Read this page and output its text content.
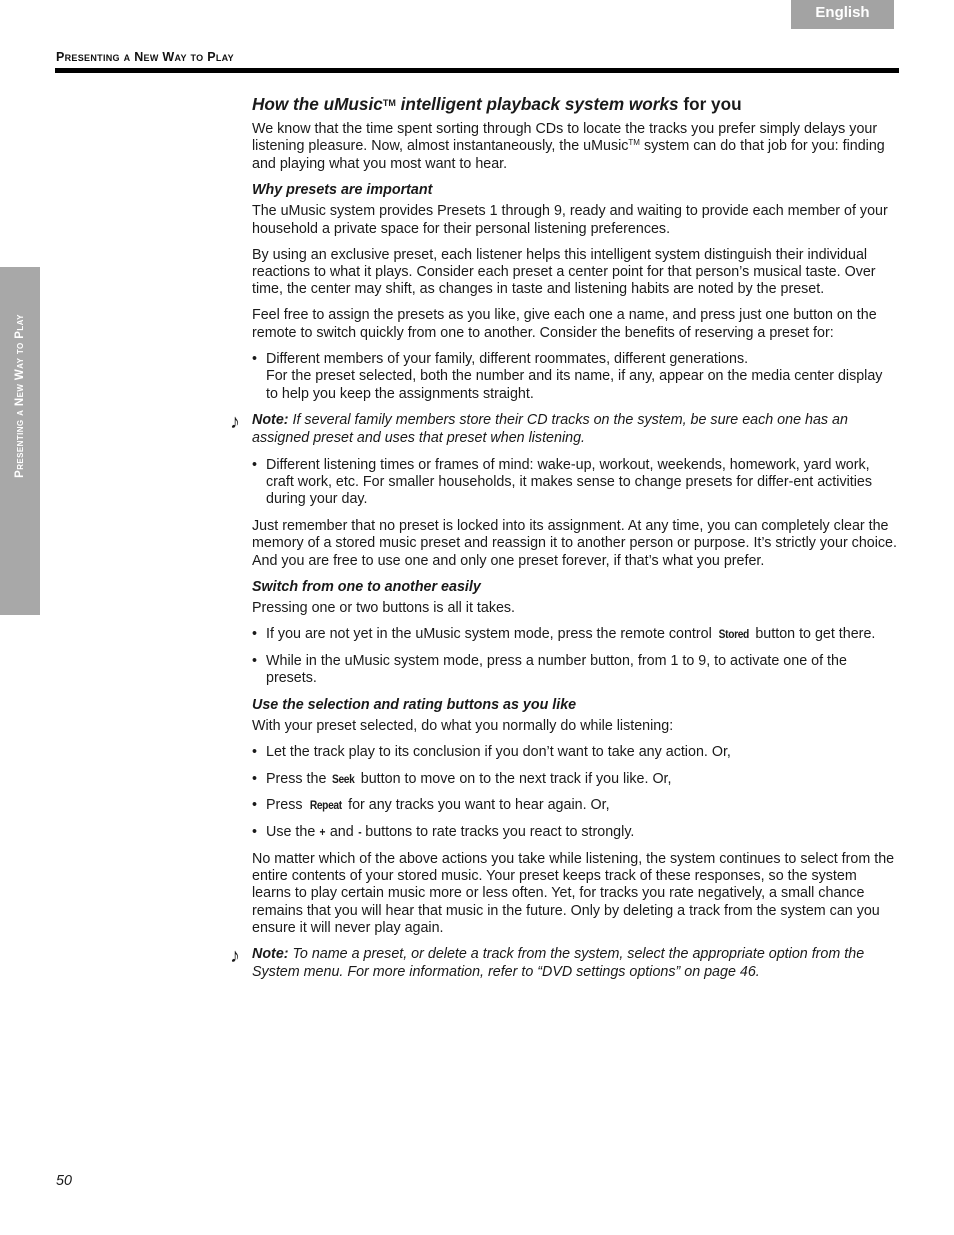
English
Presenting a New Way to Play
Presenting a New Way to Play
How the uMusic™ intelligent playback system works for you

We know that the time spent sorting through CDs to locate the tracks you prefer simply delays your listening pleasure. Now, almost instantaneously, the uMusic™ system can do that job for you: finding and playing what you most want to hear.

Why presets are important

The uMusic system provides Presets 1 through 9, ready and waiting to provide each member of your household a private space for their personal listening preferences.

By using an exclusive preset, each listener helps this intelligent system distinguish their individual reactions to what it plays. Consider each preset a center point for that person’s musical taste. Over time, the center may shift, as changes in taste and listening habits are noted by the preset.

Feel free to assign the presets as you like, give each one a name, and press just one button on the remote to switch quickly from one to another. Consider the benefits of reserving a preset for:

• Different members of your family, different roommates, different generations.
For the preset selected, both the number and its name, if any, appear on the media center display to help you keep the assignments straight.
♪ Note: If several family members store their CD tracks on the system, be sure each one has an assigned preset and uses that preset when listening.
• Different listening times or frames of mind: wake-up, workout, weekends, homework, yard work, craft work, etc. For smaller households, it makes sense to change presets for differ-ent activities during your day.

Just remember that no preset is locked into its assignment. At any time, you can completely clear the memory of a stored music preset and reassign it to another person or purpose. It’s strictly your choice. And you are free to use one and only one preset forever, if that’s what you prefer.

Switch from one to another easily

Pressing one or two buttons is all it takes.

• If you are not yet in the uMusic system mode, press the remote control Stored button to get there.
• While in the uMusic system mode, press a number button, from 1 to 9, to activate one of the presets.
Use the selection and rating buttons as you like

With your preset selected, do what you normally do while listening:

• Let the track play to its conclusion if you don’t want to take any action. Or,
• Press the Seek button to move on to the next track if you like. Or,
• Press Repeat for any tracks you want to hear again. Or,
• Use the + and - buttons to rate tracks you react to strongly.

No matter which of the above actions you take while listening, the system continues to select from the entire contents of your stored music. Your preset keeps track of these responses, so the system learns to play certain music more or less often. Yet, for tracks you rate negatively, a small chance remains that you will hear that music in the future. Only by deleting a track from the system can you ensure it will never play again.

♪ Note: To name a preset, or delete a track from the system, select the appropriate option from the System menu. For more information, refer to “DVD settings options” on page 46.
50
